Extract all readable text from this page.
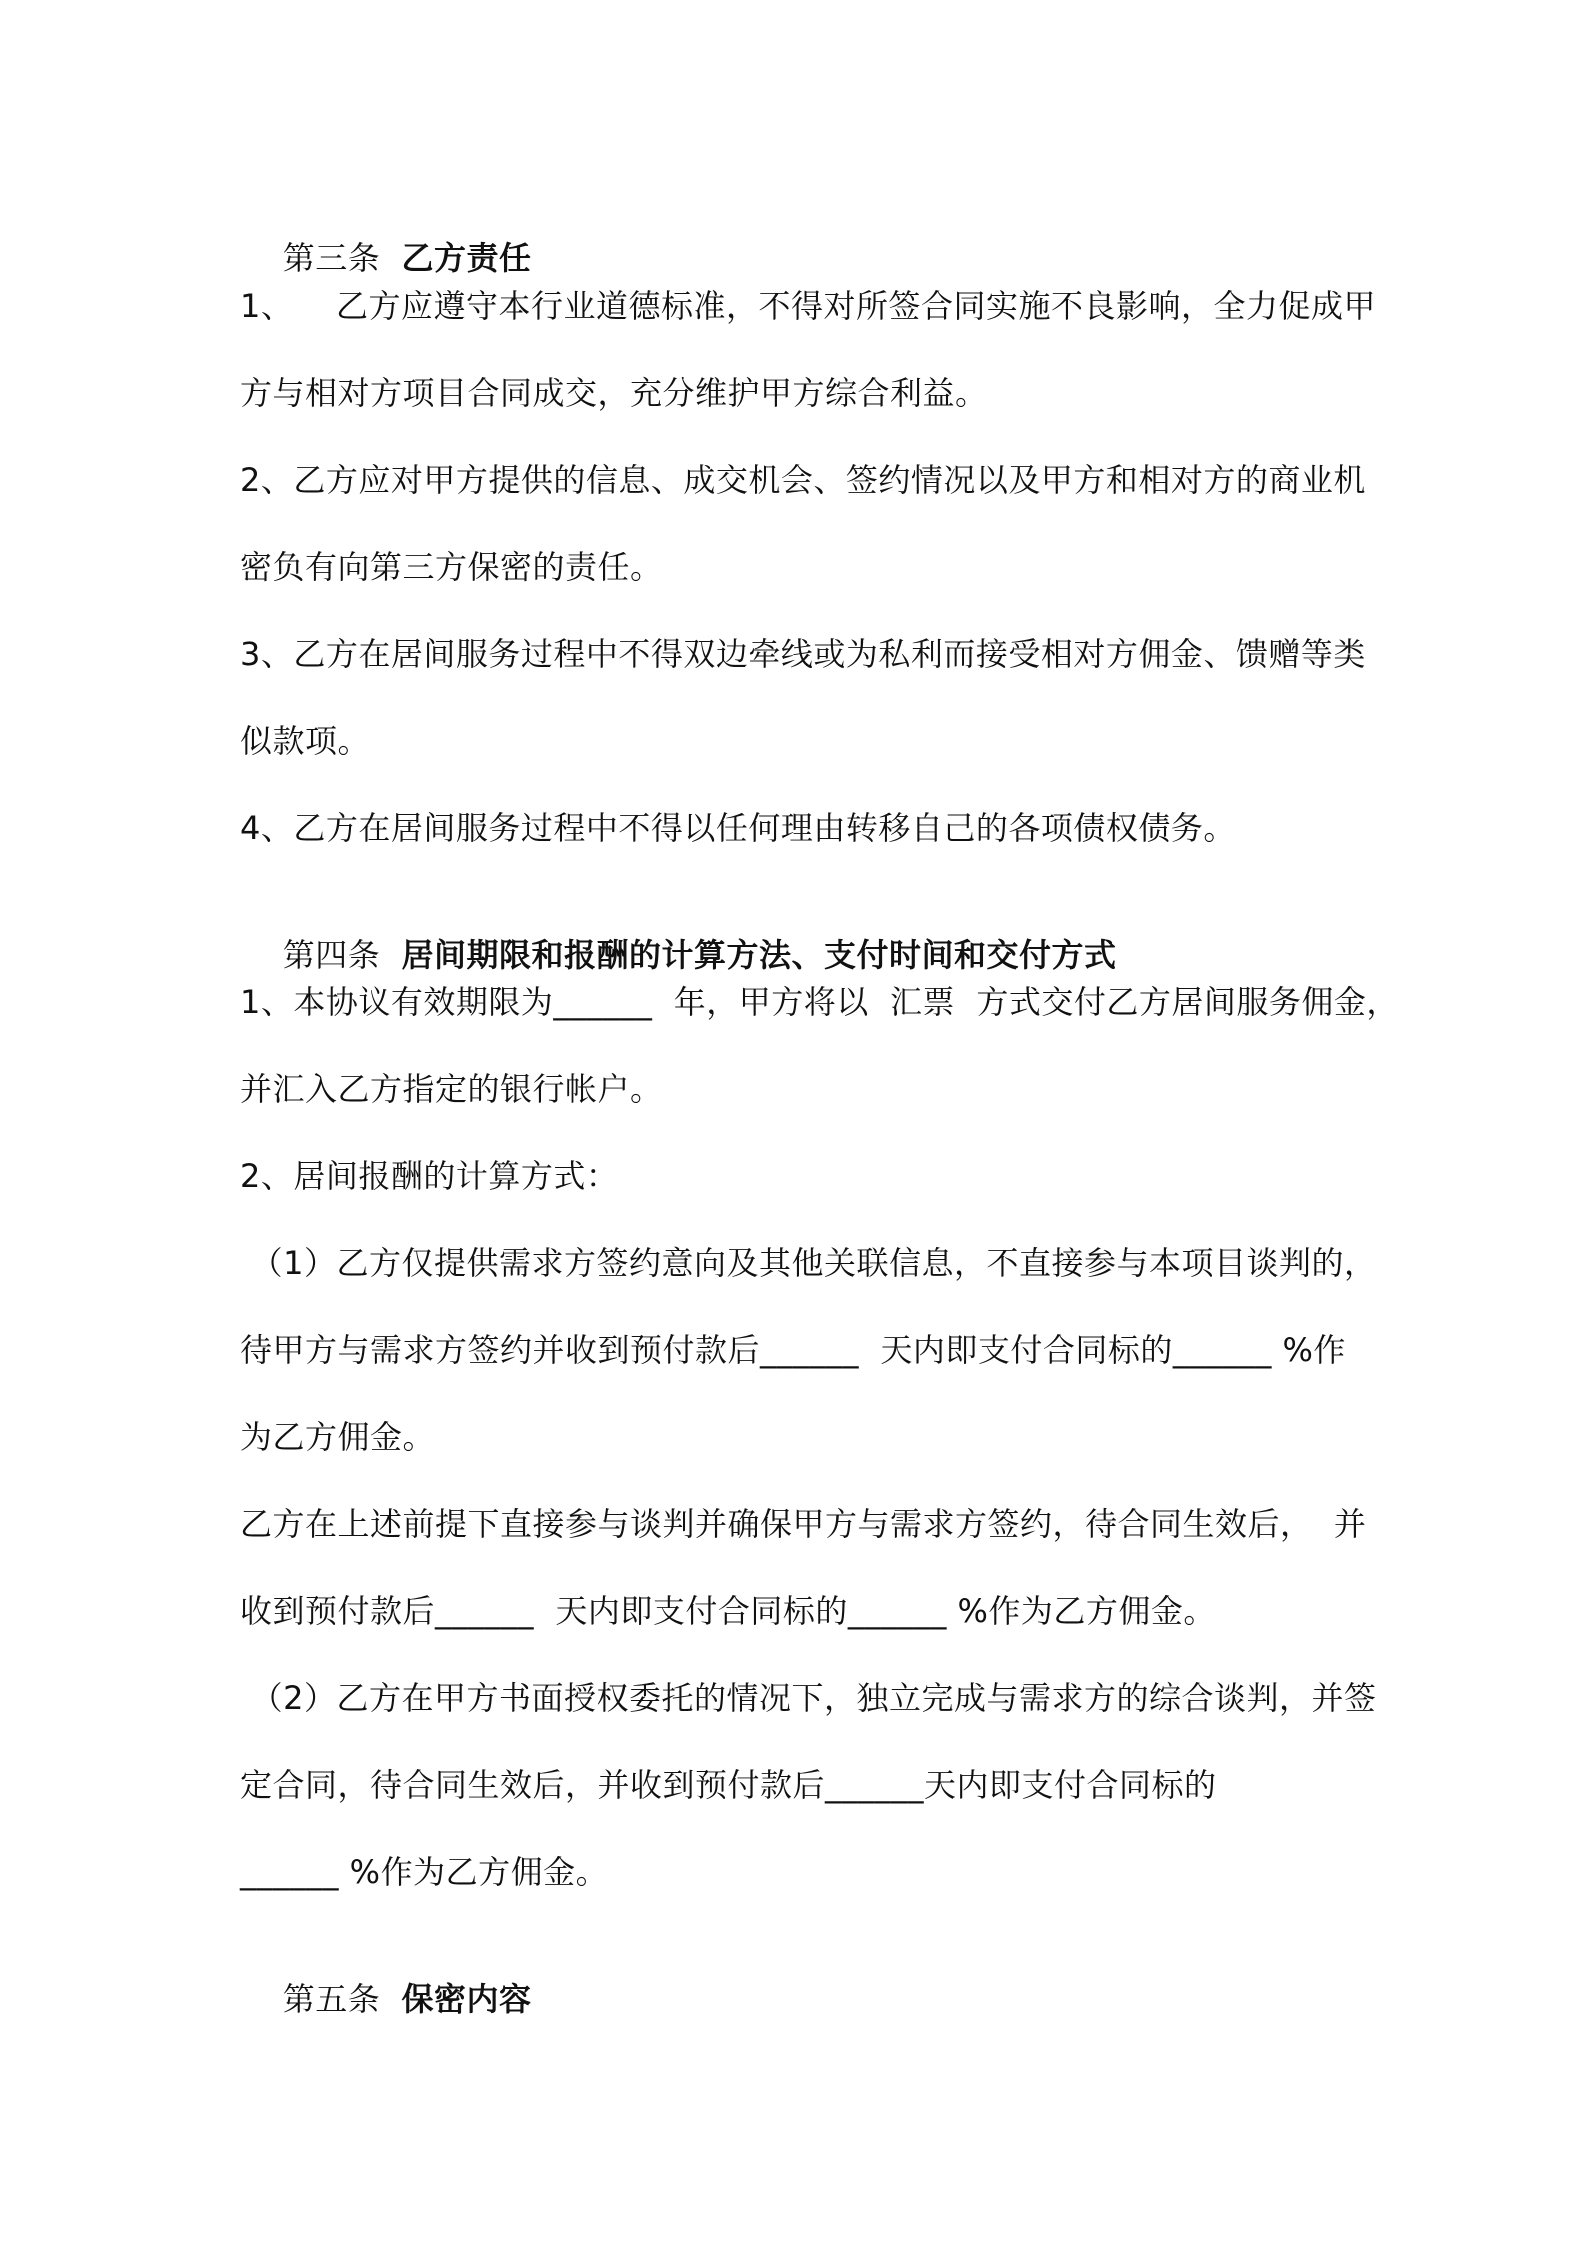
第三条 乙方责任

1、    乙方应遵守本行业道德标准，不得对所签合同实施不良影响，全力促成甲
方与相对方项目合同成交，充分维护甲方综合利益。
2、乙方应对甲方提供的信息、成交机会、签约情况以及甲方和相对方的商业机
密负有向第三方保密的责任。
3、乙方在居间服务过程中不得双边牵线或为私利而接受相对方佣金、馈赠等类
似款项。
4、乙方在居间服务过程中不得以任何理由转移自己的各项债权债务。

第四条 居间期限和报酬的计算方法、支付时间和交付方式

1、本协议有效期限为______  年，甲方将以  汇票  方式交付乙方居间服务佣金，
并汇入乙方指定的银行帐户。
2、居间报酬的计算方式：
（1）乙方仅提供需求方签约意向及其他关联信息，不直接参与本项目谈判的，
待甲方与需求方签约并收到预付款后______  天内即支付合同标的______ %作
为乙方佣金。
乙方在上述前提下直接参与谈判并确保甲方与需求方签约，待合同生效后，  并
收到预付款后______  天内即支付合同标的______ %作为乙方佣金。
（2）乙方在甲方书面授权委托的情况下，独立完成与需求方的综合谈判，并签
定合同，待合同生效后，并收到预付款后______天内即支付合同标的
______ %作为乙方佣金。

第五条 保密内容
